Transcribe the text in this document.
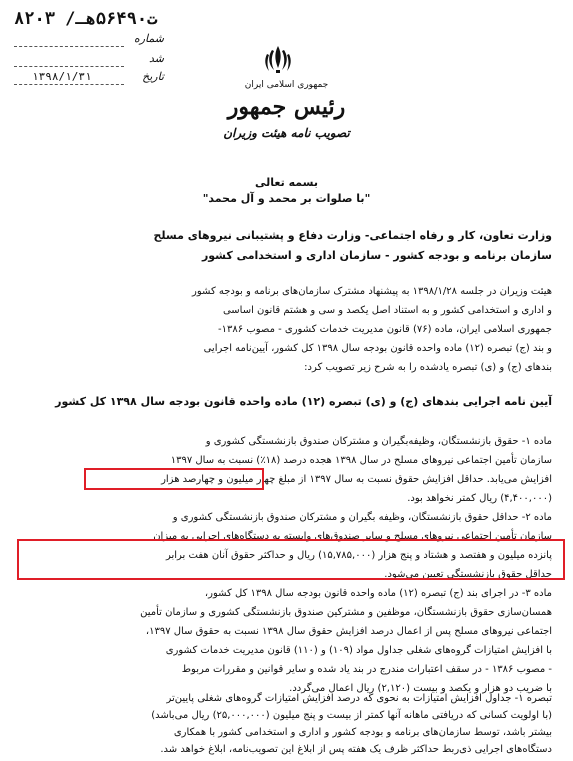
۸۲۰۳ /ت۵۶۴۹۰هـ
شماره
شد
۱۳۹۸/۱/۳۱	تاریخ
جمهوری اسلامی ایران
رئیس جمهور
تصویب نامه هیئت وزیران
بسمه تعالی
"با صلوات بر محمد و آل محمد"

وزارت تعاون، کار و رفاه اجتماعی- وزارت دفاع و پشتیبانی نیروهای مسلح

سازمان برنامه و بودجه کشور - سازمان اداری و استخدامی کشور

هیئت وزیران در جلسه ۱۳۹۸/۱/۲۸ به پیشنهاد مشترک سازمان‌های برنامه و بودجه کشور

و اداری و استخدامی کشور و به استناد اصل یکصد و سی و هشتم قانون اساسی

جمهوری اسلامی ایران، ماده (۷۶) قانون مدیریت خدمات کشوری - مصوب ۱۳۸۶-

و بند (ج) تبصره (۱۲) ماده واحده قانون بودجه سال ۱۳۹۸ کل کشور، آیین‌نامه اجرایی

بندهای (ج) و (ی) تبصره یادشده را به شرح زیر تصویب کرد:

آیین نامه اجرایی بندهای (ج) و (ی) تبصره (۱۲) ماده واحده قانون بودجه سال ۱۳۹۸ کل کشور

ماده ۱- حقوق بازنشستگان، وظیفه‌بگیران و مشترکان صندوق بازنشستگی کشوری و

سازمان تأمین اجتماعی نیروهای مسلح در سال ۱۳۹۸ هجده درصد (۱۸٪) نسبت به سال ۱۳۹۷

افزایش می‌یابد. حداقل افزایش حقوق نسبت به سال ۱۳۹۷ از مبلغ چهار میلیون و چهارصد هزار

(۴,۴۰۰,۰۰۰) ریال کمتر نخواهد بود.

ماده ۲- حداقل حقوق بازنشستگان، وظیفه بگیران و مشترکان صندوق بازنشستگی کشوری و

سازمان تأمین اجتماعی نیروهای مسلح و سایر صندوق‌های وابسته به دستگاه‌های اجرایی به میزان

پانزده میلیون و هفتصد و هشتاد و پنج هزار (۱۵,۷۸۵,۰۰۰) ریال و حداکثر حقوق آنان هفت برابر

حداقل حقوق بازنشستگی تعیین می‌شود.

ماده ۳- در اجرای بند (ج) تبصره (۱۲) ماده واحده قانون بودجه سال ۱۳۹۸ کل کشور،

همسان‌سازی حقوق بازنشستگان، موظفین و مشترکین صندوق بازنشستگی کشوری و سازمان تأمین

اجتماعی نیروهای مسلح پس از اعمال درصد افزایش حقوق سال ۱۳۹۸ نسبت به حقوق سال ۱۳۹۷،

با افزایش امتیازات گروه‌های شغلی جداول مواد (۱۰۹) و (۱۱۰) قانون مدیریت خدمات کشوری

- مصوب ۱۳۸۶ - در سقف اعتبارات مندرج در بند یاد شده و سایر قوانین و مقررات مربوط

با ضریب دو هزار و یکصد و بیست (۲,۱۲۰) ریال اعمال می‌گردد.

تبصره ۱- جداول افزایش امتیازات به نحوی که درصد افزایش امتیازات گروه‌های شغلی پایین‌تر

(با اولویت کسانی که دریافتی ماهانه آنها کمتر از بیست و پنج میلیون (۲۵,۰۰۰,۰۰۰) ریال می‌باشد)

بیشتر باشد، توسط سازمان‌های برنامه و بودجه کشور و اداری و استخدامی کشور با همکاری

دستگاه‌های اجرایی ذی‌ربط حداکثر ظرف یک هفته پس از ابلاغ این تصویب‌نامه، ابلاغ خواهد شد.
